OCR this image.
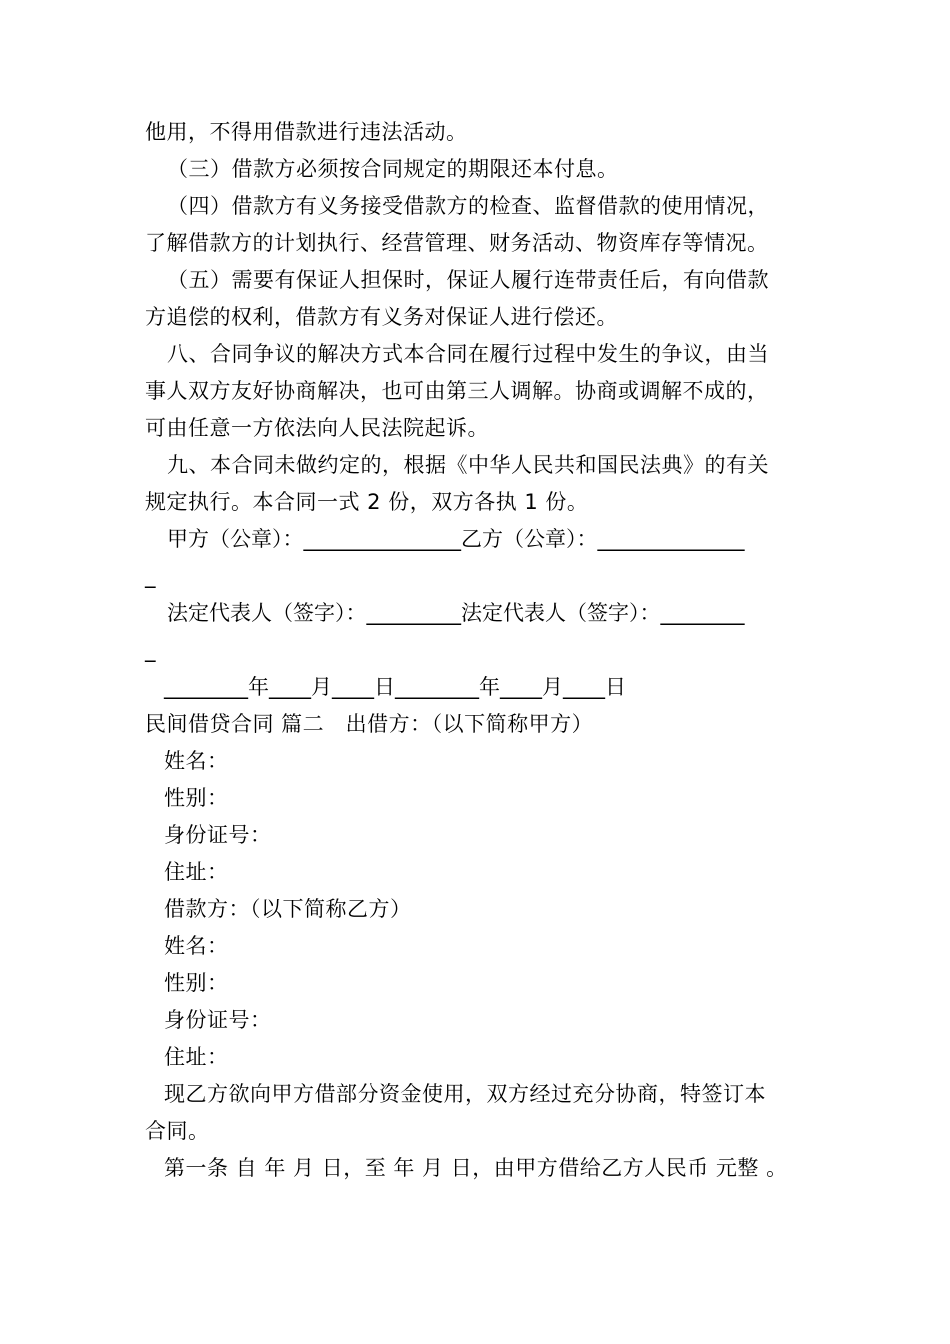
他用，不得用借款进行违法活动。
（三）借款方必须按合同规定的期限还本付息。
（四）借款方有义务接受借款方的检查、监督借款的使用情况，
了解借款方的计划执行、经营管理、财务活动、物资库存等情况。
（五）需要有保证人担保时，保证人履行连带责任后，有向借款
方追偿的权利，借款方有义务对保证人进行偿还。
八、合同争议的解决方式本合同在履行过程中发生的争议，由当
事人双方友好协商解决，也可由第三人调解。协商或调解不成的，
可由任意一方依法向人民法院起诉。
九、本合同未做约定的，根据《中华人民共和国民法典》的有关
规定执行。本合同一式 2 份，双方各执 1 份。
甲方（公章）：_______________乙方（公章）：______________
_
法定代表人（签字）：_________法定代表人（签字）：________
_
________年____月____日________年____月____日
民间借贷合同 篇二　出借方：（以下简称甲方）
姓名：
性别：
身份证号：
住址：
借款方：（以下简称乙方）
姓名：
性别：
身份证号：
住址：
现乙方欲向甲方借部分资金使用，双方经过充分协商，特签订本
合同。
第一条 自 年 月 日，至 年 月 日，由甲方借给乙方人民币 元整 。
